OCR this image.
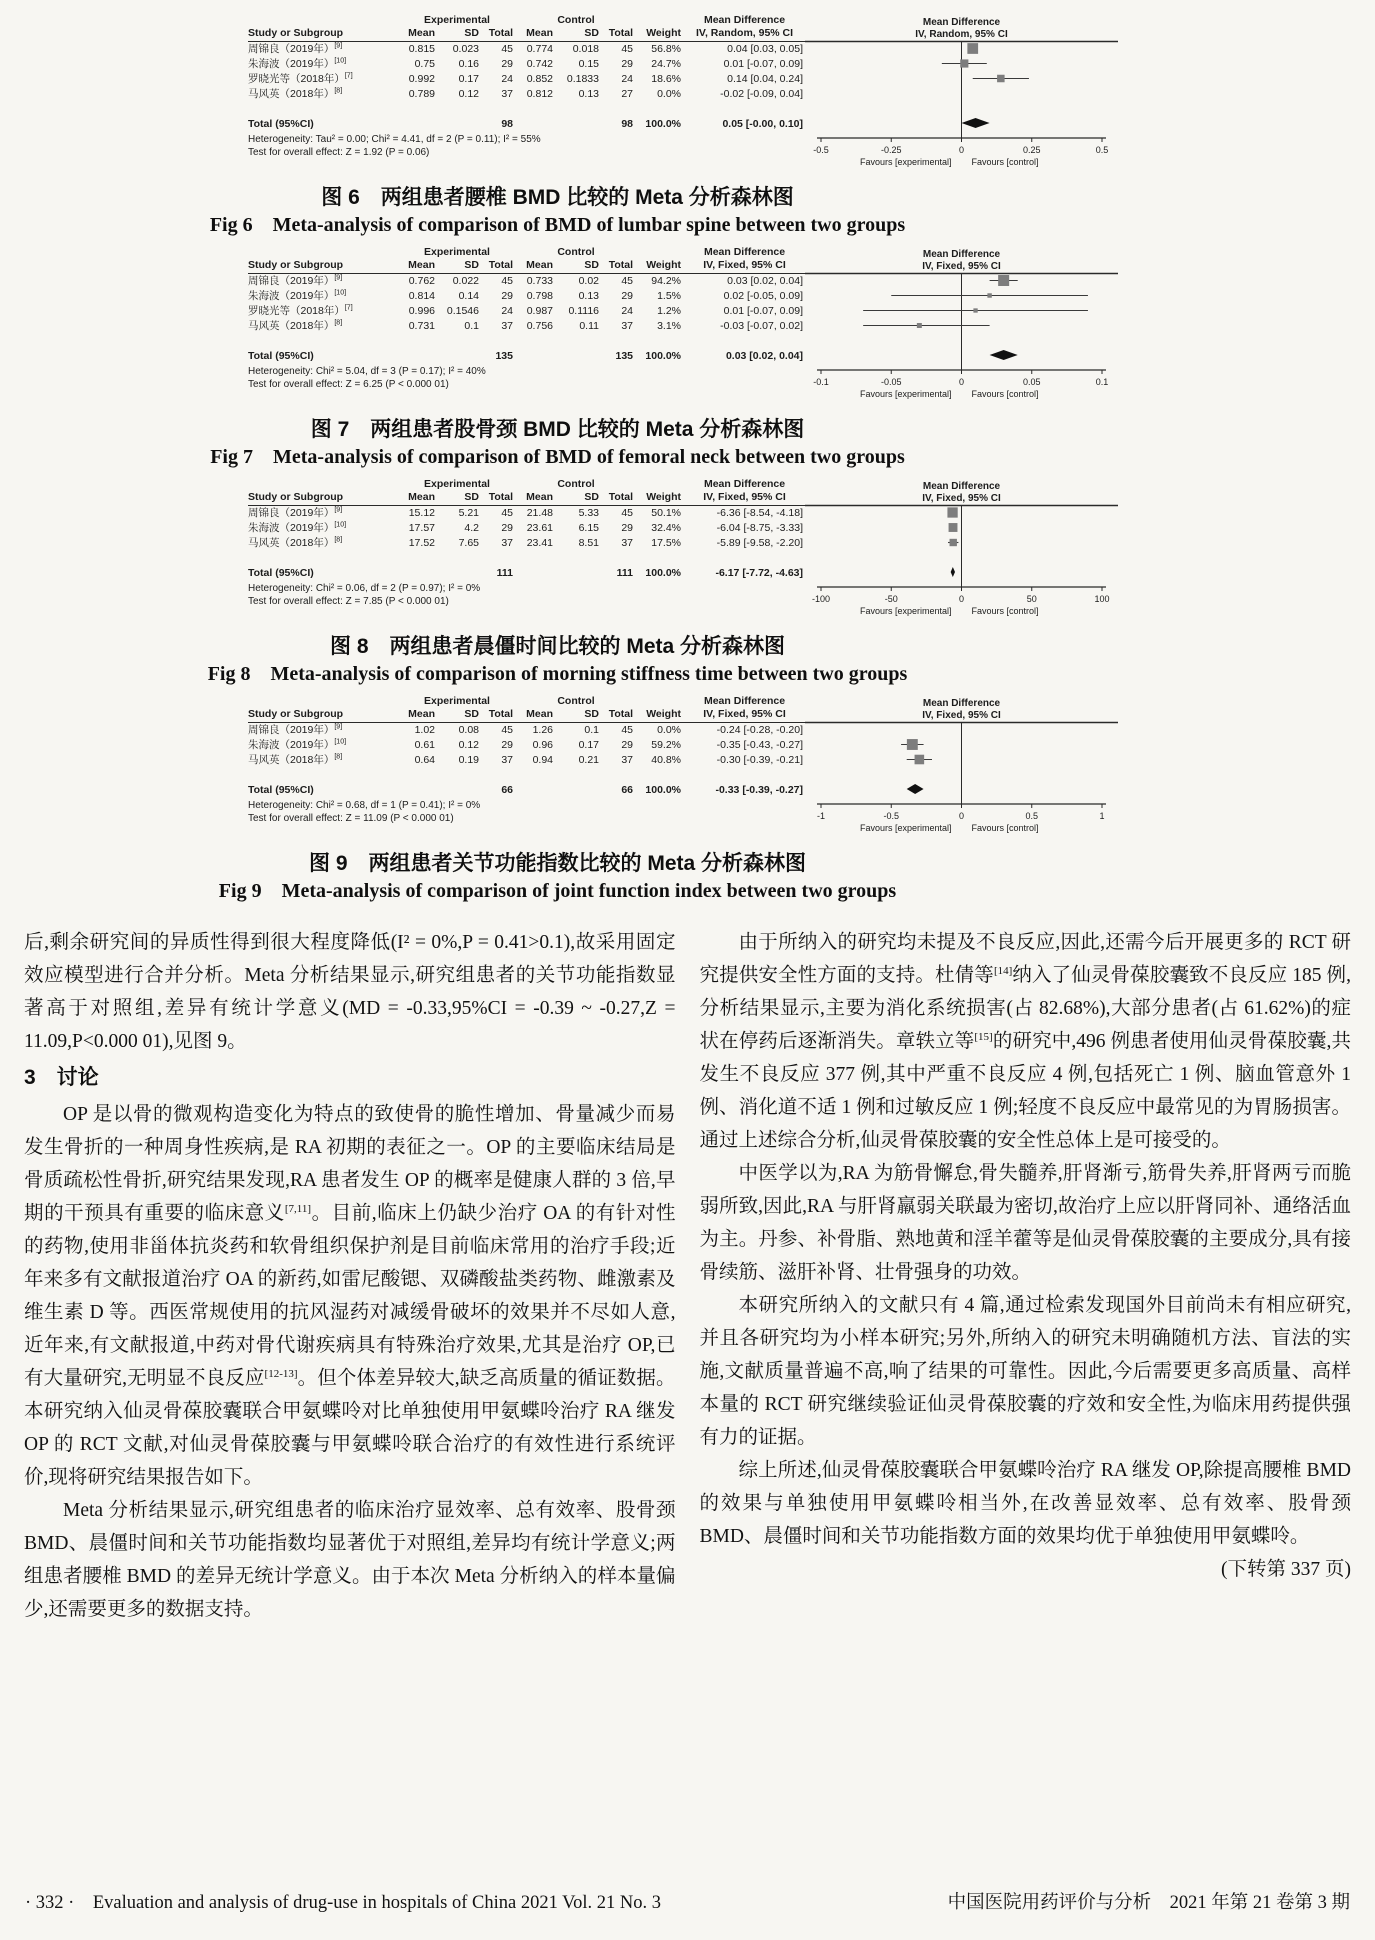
	Experimental			Control				Mean Difference
Study or Subgroup	Mean	SD	Total	Mean	SD	Total	Weight	IV, Random, 95% CI
周锦良（2019年）[9]	0.815	0.023	45	0.774	0.018	45	56.8%	0.04 [0.03, 0.05]
朱海波（2019年）[10]	0.75	0.16	29	0.742	0.15	29	24.7%	0.01 [-0.07, 0.09]
罗晓光等（2018年）[7]	0.992	0.17	24	0.852	0.1833	24	18.6%	0.14 [0.04, 0.24]
马风英（2018年）[8]	0.789	0.12	37	0.812	0.13	27	0.0%	-0.02 [-0.09, 0.04]

Total (95%CI)			98			98	100.0%	0.05 [-0.00, 0.10]
Heterogeneity: Tau² = 0.00; Chi² = 4.41, df = 2 (P = 0.11); I² = 55%
Test for overall effect: Z = 1.92 (P = 0.06)
Mean Difference
IV, Random, 95% CI
-0.5	-0.25	0	0.25	0.5
Favours [experimental] Favours [control]
图 6　两组患者腰椎 BMD 比较的 Meta 分析森林图
Fig 6　Meta-analysis of comparison of BMD of lumbar spine between two groups
	Experimental			Control				Mean Difference
Study or Subgroup	Mean	SD	Total	Mean	SD	Total	Weight	IV, Fixed, 95% CI
周锦良（2019年）[9]	0.762	0.022	45	0.733	0.02	45	94.2%	0.03 [0.02, 0.04]
朱海波（2019年）[10]	0.814	0.14	29	0.798	0.13	29	1.5%	0.02 [-0.05, 0.09]
罗晓光等（2018年）[7]	0.996	0.1546	24	0.987	0.1116	24	1.2%	0.01 [-0.07, 0.09]
马风英（2018年）[8]	0.731	0.1	37	0.756	0.11	37	3.1%	-0.03 [-0.07, 0.02]

Total (95%CI)			135			135	100.0%	0.03 [0.02, 0.04]
Heterogeneity: Chi² = 5.04, df = 3 (P = 0.17); I² = 40%
Test for overall effect: Z = 6.25 (P < 0.000 01)
Mean Difference
IV, Fixed, 95% CI
-0.1	-0.05	0	0.05	0.1
Favours [experimental] Favours [control]
图 7　两组患者股骨颈 BMD 比较的 Meta 分析森林图
Fig 7　Meta-analysis of comparison of BMD of femoral neck between two groups
	Experimental			Control				Mean Difference
Study or Subgroup	Mean	SD	Total	Mean	SD	Total	Weight	IV, Fixed, 95% CI
周锦良（2019年）[9]	15.12	5.21	45	21.48	5.33	45	50.1%	-6.36 [-8.54, -4.18]
朱海波（2019年）[10]	17.57	4.2	29	23.61	6.15	29	32.4%	-6.04 [-8.75, -3.33]
马风英（2018年）[8]	17.52	7.65	37	23.41	8.51	37	17.5%	-5.89 [-9.58, -2.20]

Total (95%CI)			111			111	100.0%	-6.17 [-7.72, -4.63]
Heterogeneity: Chi² = 0.06, df = 2 (P = 0.97); I² = 0%
Test for overall effect: Z = 7.85 (P < 0.000 01)
Mean Difference
IV, Fixed, 95% CI
-100	-50	0	50	100
Favours [experimental] Favours [control]
图 8　两组患者晨僵时间比较的 Meta 分析森林图
Fig 8　Meta-analysis of comparison of morning stiffness time between two groups
	Experimental			Control				Mean Difference
Study or Subgroup	Mean	SD	Total	Mean	SD	Total	Weight	IV, Fixed, 95% CI
周锦良（2019年）[9]	1.02	0.08	45	1.26	0.1	45	0.0%	-0.24 [-0.28, -0.20]
朱海波（2019年）[10]	0.61	0.12	29	0.96	0.17	29	59.2%	-0.35 [-0.43, -0.27]
马风英（2018年）[8]	0.64	0.19	37	0.94	0.21	37	40.8%	-0.30 [-0.39, -0.21]

Total (95%CI)			66			66	100.0%	-0.33 [-0.39, -0.27]
Heterogeneity: Chi² = 0.68, df = 1 (P = 0.41); I² = 0%
Test for overall effect: Z = 11.09 (P < 0.000 01)
Mean Difference
IV, Fixed, 95% CI
-1	-0.5	0	0.5	1
Favours [experimental] Favours [control]
图 9　两组患者关节功能指数比较的 Meta 分析森林图
Fig 9　Meta-analysis of comparison of joint function index between two groups

后,剩余研究间的异质性得到很大程度降低(I² = 0%,P = 0.41>0.1),故采用固定效应模型进行合并分析。Meta 分析结果显示,研究组患者的关节功能指数显著高于对照组,差异有统计学意义(MD = -0.33,95%CI = -0.39 ~ -0.27,Z = 11.09,P<0.000 01),见图 9。

3　讨论

OP 是以骨的微观构造变化为特点的致使骨的脆性增加、骨量减少而易发生骨折的一种周身性疾病,是 RA 初期的表征之一。OP 的主要临床结局是骨质疏松性骨折,研究结果发现,RA 患者发生 OP 的概率是健康人群的 3 倍,早期的干预具有重要的临床意义[7,11]。目前,临床上仍缺少治疗 OA 的有针对性的药物,使用非甾体抗炎药和软骨组织保护剂是目前临床常用的治疗手段;近年来多有文献报道治疗 OA 的新药,如雷尼酸锶、双磷酸盐类药物、雌激素及维生素 D 等。西医常规使用的抗风湿药对减缓骨破坏的效果并不尽如人意,近年来,有文献报道,中药对骨代谢疾病具有特殊治疗效果,尤其是治疗 OP,已有大量研究,无明显不良反应[12-13]。但个体差异较大,缺乏高质量的循证数据。本研究纳入仙灵骨葆胶囊联合甲氨蝶呤对比单独使用甲氨蝶呤治疗 RA 继发 OP 的 RCT 文献,对仙灵骨葆胶囊与甲氨蝶呤联合治疗的有效性进行系统评价,现将研究结果报告如下。

Meta 分析结果显示,研究组患者的临床治疗显效率、总有效率、股骨颈 BMD、晨僵时间和关节功能指数均显著优于对照组,差异均有统计学意义;两组患者腰椎 BMD 的差异无统计学意义。由于本次 Meta 分析纳入的样本量偏少,还需要更多的数据支持。

由于所纳入的研究均未提及不良反应,因此,还需今后开展更多的 RCT 研究提供安全性方面的支持。杜倩等[14]纳入了仙灵骨葆胶囊致不良反应 185 例,分析结果显示,主要为消化系统损害(占 82.68%),大部分患者(占 61.62%)的症状在停药后逐渐消失。章轶立等[15]的研究中,496 例患者使用仙灵骨葆胶囊,共发生不良反应 377 例,其中严重不良反应 4 例,包括死亡 1 例、脑血管意外 1 例、消化道不适 1 例和过敏反应 1 例;轻度不良反应中最常见的为胃肠损害。通过上述综合分析,仙灵骨葆胶囊的安全性总体上是可接受的。

中医学以为,RA 为筋骨懈怠,骨失髓养,肝肾渐亏,筋骨失养,肝肾两亏而脆弱所致,因此,RA 与肝肾羸弱关联最为密切,故治疗上应以肝肾同补、通络活血为主。丹参、补骨脂、熟地黄和淫羊藿等是仙灵骨葆胶囊的主要成分,具有接骨续筋、滋肝补肾、壮骨强身的功效。

本研究所纳入的文献只有 4 篇,通过检索发现国外目前尚未有相应研究,并且各研究均为小样本研究;另外,所纳入的研究未明确随机方法、盲法的实施,文献质量普遍不高,响了结果的可靠性。因此,今后需要更多高质量、高样本量的 RCT 研究继续验证仙灵骨葆胶囊的疗效和安全性,为临床用药提供强有力的证据。

综上所述,仙灵骨葆胶囊联合甲氨蝶呤治疗 RA 继发 OP,除提高腰椎 BMD 的效果与单独使用甲氨蝶呤相当外,在改善显效率、总有效率、股骨颈 BMD、晨僵时间和关节功能指数方面的效果均优于单独使用甲氨蝶呤。

(下转第 337 页)

· 332 ·　Evaluation and analysis of drug-use in hospitals of China 2021 Vol. 21 No. 3	中国医院用药评价与分析　2021 年第 21 卷第 3 期
